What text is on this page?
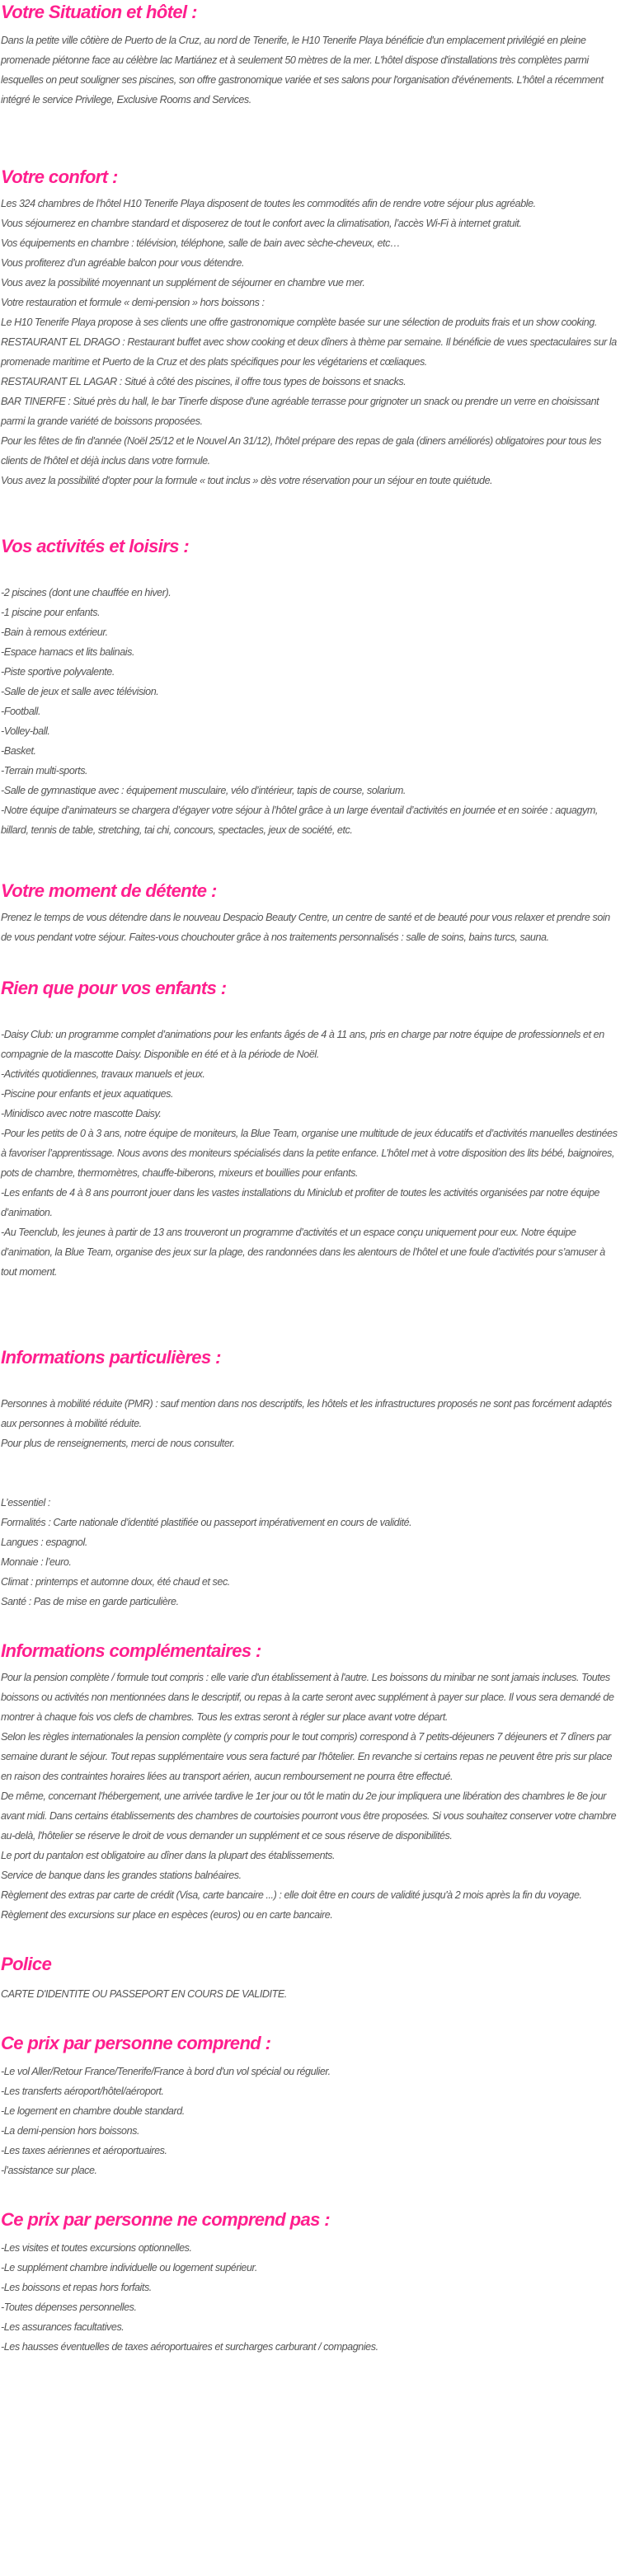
Votre Situation et hôtel :

Dans la petite ville côtière de Puerto de la Cruz, au nord de Tenerife, le H10 Tenerife Playa bénéficie d'un emplacement privilégié en pleine promenade piétonne face au célèbre lac Martiánez et à seulement 50 mètres de la mer. L'hôtel dispose d'installations très complètes parmi lesquelles on peut souligner ses piscines, son offre gastronomique variée et ses salons pour l'organisation d'événements. L'hôtel a récemment intégré le service Privilege, Exclusive Rooms and Services.

Votre confort :

Les 324 chambres de l’hôtel H10 Tenerife Playa disposent de toutes les commodités afin de rendre votre séjour plus agréable.
Vous séjournerez en chambre standard et disposerez de tout le confort avec la climatisation, l’accès Wi-Fi à internet gratuit.
Vos équipements en chambre : télévision, téléphone, salle de bain avec sèche-cheveux, etc…
Vous profiterez d’un agréable balcon pour vous détendre.
Vous avez la possibilité moyennant un supplément de séjourner en chambre vue mer.
Votre restauration et formule « demi-pension » hors boissons :
Le H10 Tenerife Playa propose à ses clients une offre gastronomique complète basée sur une sélection de produits frais et un show cooking.
RESTAURANT EL DRAGO : Restaurant buffet avec show cooking et deux dîners à thème par semaine. Il bénéficie de vues spectaculaires sur la promenade maritime et Puerto de la Cruz et des plats spécifiques pour les végétariens et cœliaques.
RESTAURANT EL LAGAR : Situé à côté des piscines, il offre tous types de boissons et snacks.
BAR TINERFE : Situé près du hall, le bar Tinerfe dispose d'une agréable terrasse pour grignoter un snack ou prendre un verre en choisissant parmi la grande variété de boissons proposées.
Pour les fêtes de fin d'année (Noël 25/12 et le Nouvel An 31/12), l'hôtel prépare des repas de gala (diners améliorés) obligatoires pour tous les clients de l'hôtel et déjà inclus dans votre formule.
Vous avez la possibilité d'opter pour la formule « tout inclus » dès votre réservation pour un séjour en toute quiétude.

Vos activités et loisirs :

-2 piscines (dont une chauffée en hiver).
-1 piscine pour enfants.
-Bain à remous extérieur.
-Espace hamacs et lits balinais.
-Piste sportive polyvalente.
-Salle de jeux et salle avec télévision.
-Football.
-Volley-ball.
-Basket.
-Terrain multi-sports.
-Salle de gymnastique avec : équipement musculaire, vélo d’intérieur, tapis de course, solarium.
-Notre équipe d’animateurs se chargera d’égayer votre séjour à l’hôtel grâce à un large éventail d’activités en journée et en soirée : aquagym, billard, tennis de table, stretching, tai chi, concours, spectacles, jeux de société, etc.

Votre moment de détente :

Prenez le temps de vous détendre dans le nouveau Despacio Beauty Centre, un centre de santé et de beauté pour vous relaxer et prendre soin de vous pendant votre séjour. Faites-vous chouchouter grâce à nos traitements personnalisés : salle de soins, bains turcs, sauna.

Rien que pour vos enfants :

-Daisy Club: un programme complet d’animations pour les enfants âgés de 4 à 11 ans, pris en charge par notre équipe de professionnels et en compagnie de la mascotte Daisy. Disponible en été et à la période de Noël.
-Activités quotidiennes, travaux manuels et jeux.
-Piscine pour enfants et jeux aquatiques.
-Minidisco avec notre mascotte Daisy.
-Pour les petits de 0 à 3 ans, notre équipe de moniteurs, la Blue Team, organise une multitude de jeux éducatifs et d’activités manuelles destinées à favoriser l’apprentissage. Nous avons des moniteurs spécialisés dans la petite enfance. L’hôtel met à votre disposition des lits bébé, baignoires, pots de chambre, thermomètres, chauffe-biberons, mixeurs et bouillies pour enfants.
-Les enfants de 4 à 8 ans pourront jouer dans les vastes installations du Miniclub et profiter de toutes les activités organisées par notre équipe d’animation.
-Au Teenclub, les jeunes à partir de 13 ans trouveront un programme d’activités et un espace conçu uniquement pour eux. Notre équipe d’animation, la Blue Team, organise des jeux sur la plage, des randonnées dans les alentours de l’hôtel et une foule d’activités pour s’amuser à tout moment.

Informations particulières :

Personnes à mobilité réduite (PMR) : sauf mention dans nos descriptifs, les hôtels et les infrastructures proposés ne sont pas forcément adaptés aux personnes à mobilité réduite.
Pour plus de renseignements, merci de nous consulter.
L’essentiel :
Formalités : Carte nationale d’identité plastifiée ou passeport impérativement en cours de validité.
Langues : espagnol.
Monnaie : l’euro.
Climat : printemps et automne doux, été chaud et sec.
Santé : Pas de mise en garde particulière.

Informations complémentaires :

Pour la pension complète / formule tout compris : elle varie d'un établissement à l'autre. Les boissons du minibar ne sont jamais incluses. Toutes boissons ou activités non mentionnées dans le descriptif, ou repas à la carte seront avec supplément à payer sur place. Il vous sera demandé de montrer à chaque fois vos clefs de chambres. Tous les extras seront à régler sur place avant votre départ.
Selon les règles internationales la pension complète (y compris pour le tout compris) correspond à 7 petits-déjeuners 7 déjeuners et 7 dîners par semaine durant le séjour. Tout repas supplémentaire vous sera facturé par l'hôtelier. En revanche si certains repas ne peuvent être pris sur place en raison des contraintes horaires liées au transport aérien, aucun remboursement ne pourra être effectué.
De même, concernant l'hébergement, une arrivée tardive le 1er jour ou tôt le matin du 2e jour impliquera une libération des chambres le 8e jour avant midi. Dans certains établissements des chambres de courtoisies pourront vous être proposées. Si vous souhaitez conserver votre chambre au-delà, l'hôtelier se réserve le droit de vous demander un supplément et ce sous réserve de disponibilités.
Le port du pantalon est obligatoire au dîner dans la plupart des établissements.
Service de banque dans les grandes stations balnéaires.
Règlement des extras par carte de crédit (Visa, carte bancaire ...) : elle doit être en cours de validité jusqu'à 2 mois après la fin du voyage.
Règlement des excursions sur place en espèces (euros) ou en carte bancaire.

Police

CARTE D'IDENTITE OU PASSEPORT EN COURS DE VALIDITE.

Ce prix par personne comprend :

-Le vol Aller/Retour France/Tenerife/France à bord d'un vol spécial ou régulier.
-Les transferts aéroport/hôtel/aéroport.
-Le logement en chambre double standard.
-La demi-pension hors boissons.
-Les taxes aériennes et aéroportuaires.
-l’assistance sur place.

Ce prix par personne ne comprend pas :

-Les visites et toutes excursions optionnelles.
-Le supplément chambre individuelle ou logement supérieur.
-Les boissons et repas hors forfaits.
-Toutes dépenses personnelles.
-Les assurances facultatives.
-Les hausses éventuelles de taxes aéroportuaires et surcharges carburant / compagnies.
